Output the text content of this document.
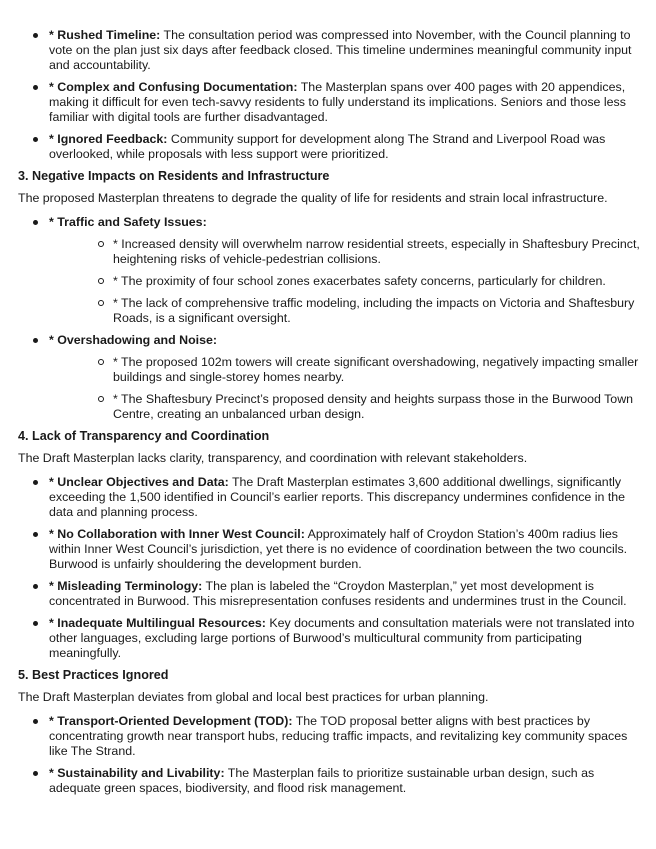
* Rushed Timeline: The consultation period was compressed into November, with the Council planning to vote on the plan just six days after feedback closed. This timeline undermines meaningful community input and accountability.
* Complex and Confusing Documentation: The Masterplan spans over 400 pages with 20 appendices, making it difficult for even tech-savvy residents to fully understand its implications. Seniors and those less familiar with digital tools are further disadvantaged.
* Ignored Feedback: Community support for development along The Strand and Liverpool Road was overlooked, while proposals with less support were prioritized.
3. Negative Impacts on Residents and Infrastructure

The proposed Masterplan threatens to degrade the quality of life for residents and strain local infrastructure.

* Traffic and Safety Issues:
* Increased density will overwhelm narrow residential streets, especially in Shaftesbury Precinct, heightening risks of vehicle-pedestrian collisions.
* The proximity of four school zones exacerbates safety concerns, particularly for children.
* The lack of comprehensive traffic modeling, including the impacts on Victoria and Shaftesbury Roads, is a significant oversight.
* Overshadowing and Noise:
* The proposed 102m towers will create significant overshadowing, negatively impacting smaller buildings and single-storey homes nearby.
* The Shaftesbury Precinct’s proposed density and heights surpass those in the Burwood Town Centre, creating an unbalanced urban design.
4. Lack of Transparency and Coordination

The Draft Masterplan lacks clarity, transparency, and coordination with relevant stakeholders.

* Unclear Objectives and Data: The Draft Masterplan estimates 3,600 additional dwellings, significantly exceeding the 1,500 identified in Council’s earlier reports. This discrepancy undermines confidence in the data and planning process.
* No Collaboration with Inner West Council: Approximately half of Croydon Station’s 400m radius lies within Inner West Council’s jurisdiction, yet there is no evidence of coordination between the two councils. Burwood is unfairly shouldering the development burden.
* Misleading Terminology: The plan is labeled the “Croydon Masterplan,” yet most development is concentrated in Burwood. This misrepresentation confuses residents and undermines trust in the Council.
* Inadequate Multilingual Resources: Key documents and consultation materials were not translated into other languages, excluding large portions of Burwood’s multicultural community from participating meaningfully.
5. Best Practices Ignored

The Draft Masterplan deviates from global and local best practices for urban planning.

* Transport-Oriented Development (TOD): The TOD proposal better aligns with best practices by concentrating growth near transport hubs, reducing traffic impacts, and revitalizing key community spaces like The Strand.
* Sustainability and Livability: The Masterplan fails to prioritize sustainable urban design, such as adequate green spaces, biodiversity, and flood risk management.
